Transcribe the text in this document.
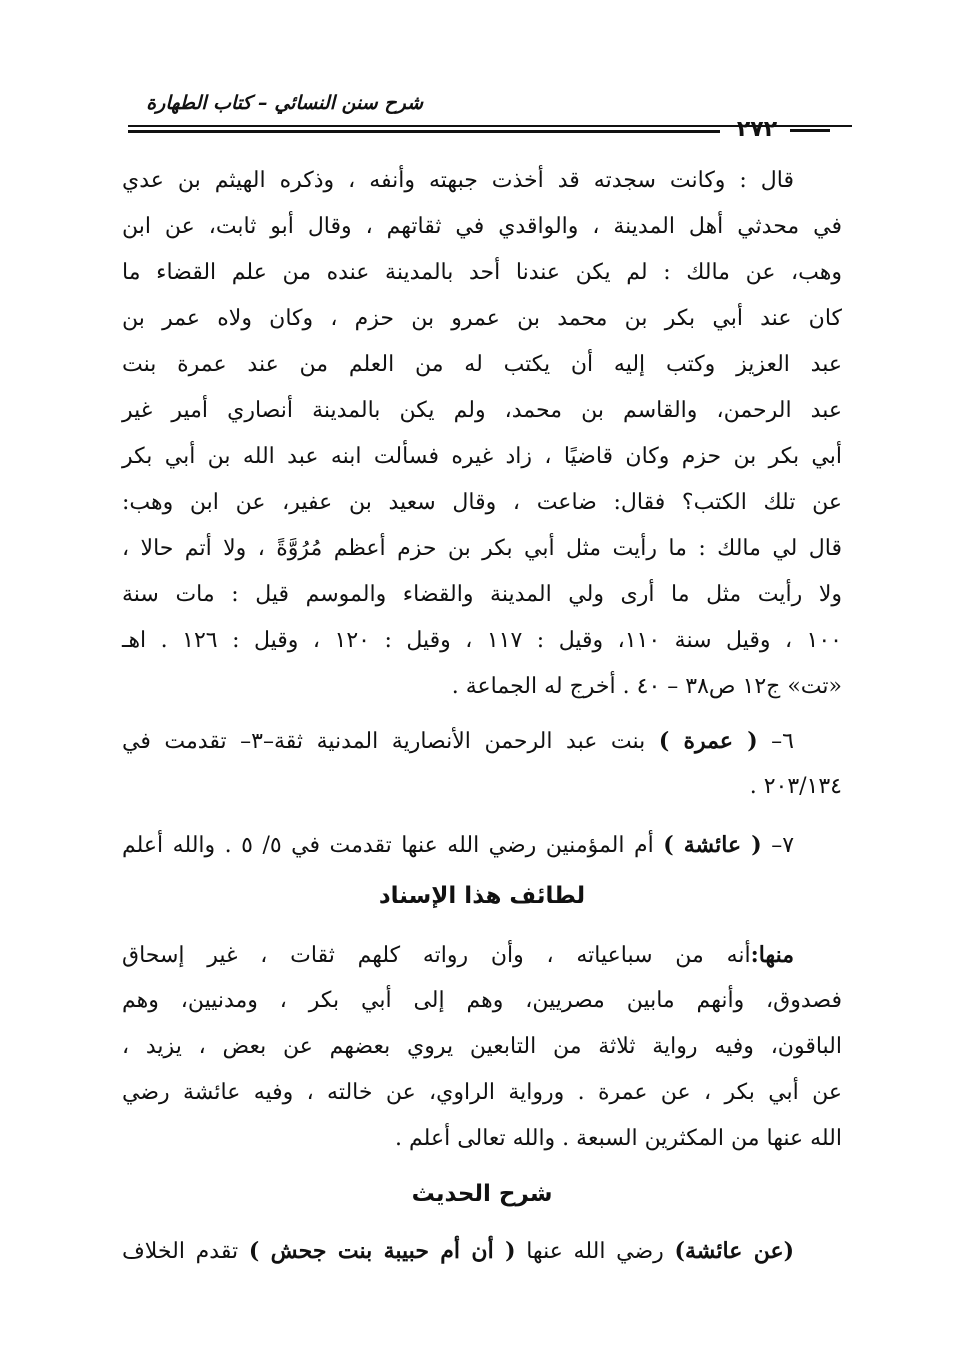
شرح سنن النسائي – كتاب الطهارة
٢٧٢
قال : وكانت سجدته قد أخذت جبهته وأنفه ، وذكره الهيثم بن عدي
في محدثي أهل المدينة ، والواقدي في ثقاتهم ، وقال أبو ثابت، عن ابن
وهب، عن مالك : لم يكن عندنا أحد بالمدينة عنده من علم القضاء ما
كان عند أبي بكر بن محمد بن عمرو بن حزم ، وكان ولاه عمر بن
عبد العزيز وكتب إليه أن يكتب له من العلم من عند عمرة بنت
عبد الرحمن، والقاسم بن محمد، ولم يكن بالمدينة أنصاري أمير غير
أبي بكر بن حزم وكان قاضيًا ، زاد غيره فسألت ابنه عبد الله بن أبي بكر
عن تلك الكتب؟ فقال: ضاعت ، وقال سعيد بن عفير، عن ابن وهب:
قال لي مالك : ما رأيت مثل أبي بكر بن حزم أعظم مُرُوَّةً ، ولا أتم حالا ،
ولا رأيت مثل ما أرى ولي المدينة والقضاء والموسم قيل : مات سنة
١٠٠ ، وقيل سنة ١١٠، وقيل : ١١٧ ، وقيل : ١٢٠ ، وقيل : ١٢٦ . اهـ
«تت» ج١٢ ص٣٨ – ٤٠ . أخرج له الجماعة .
٦– ( عمرة ) بنت عبد الرحمن الأنصارية المدنية ثقة–٣– تقدمت في
٢٠٣/١٣٤ .
٧– ( عائشة ) أم المؤمنين رضي الله عنها تقدمت في ٥/ ٥ . والله أعلم
لطائف هذا الإسناد
منها:أنه من سباعياته ، وأن رواته كلهم ثقات ، غير إسحاق
فصدوق، وأنهم مابين مصريين، وهم إلى أبي بكر ، ومدنيين، وهم
الباقون، وفيه رواية ثلاثة من التابعين يروي بعضهم عن بعض ، يزيد ،
عن أبي بكر ، عن عمرة . ورواية الراوي، عن خالته ، وفيه عائشة رضي
الله عنها من المكثرين السبعة . والله تعالى أعلم .
شرح الحديث
(عن عائشة) رضي الله عنها ( أن أم حبيبة بنت جحش ) تقدم الخلاف
